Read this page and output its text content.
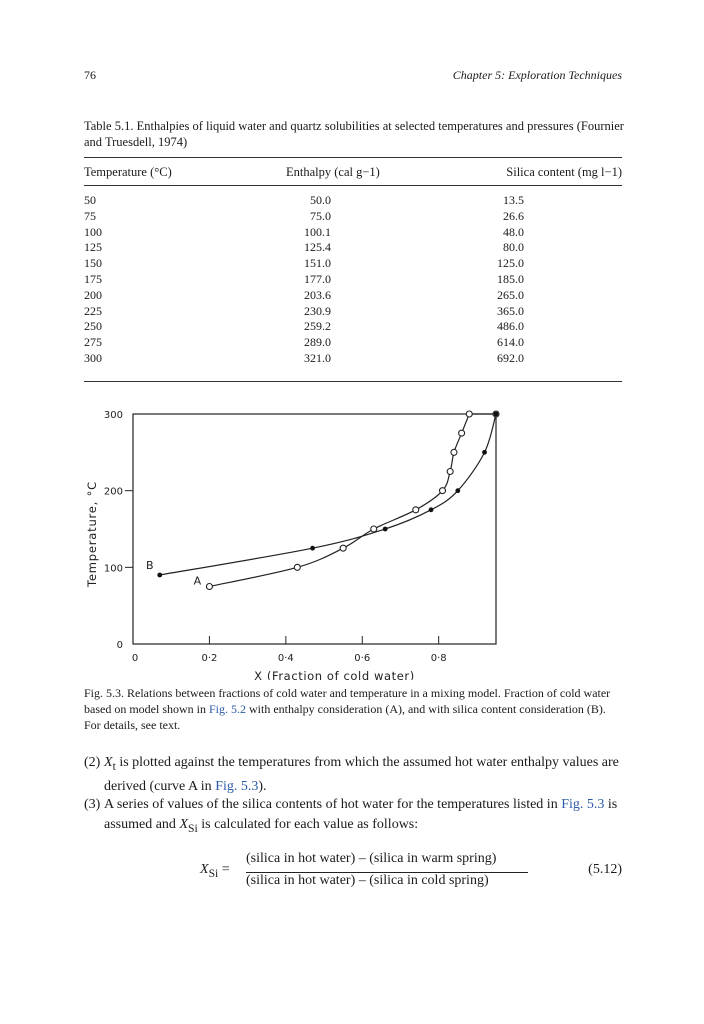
76	Chapter 5: Exploration Techniques
Table 5.1. Enthalpies of liquid water and quartz solubilities at selected temperatures and pressures (Fournier and Truesdell, 1974)
Temperature (°C)	Enthalpy (cal g−1)	Silica content (mg l−1)
50	50.0	13.5
75	75.0	26.6
100	100.1	48.0
125	125.4	80.0
150	151.0	125.0
175	177.0	185.0
200	203.6	265.0
225	230.9	365.0
250	259.2	486.0
275	289.0	614.0
300	321.0	692.0
0	0·2	0·4	0·6	0·8
0
100
200
300
X (Fraction of cold water)
Temperature, °C	A
B
Fig. 5.3. Relations between fractions of cold water and temperature in a mixing model. Fraction of cold water based on model shown in Fig. 5.2 with enthalpy consideration (A), and with silica content consideration (B). For details, see text.
(2) $X_t$ is plotted against the temperatures from which the assumed hot water enthalpy values are derived (curve A in Fig. 5.3).
(3) A series of values of the silica contents of hot water for the temperatures listed in Fig. 5.3 is assumed and $X_{Si}$ is calculated for each value as follows:
$X_{Si}$ =
(silica in hot water) – (silica in warm spring)
(silica in hot water) – (silica in cold spring)
(5.12)
